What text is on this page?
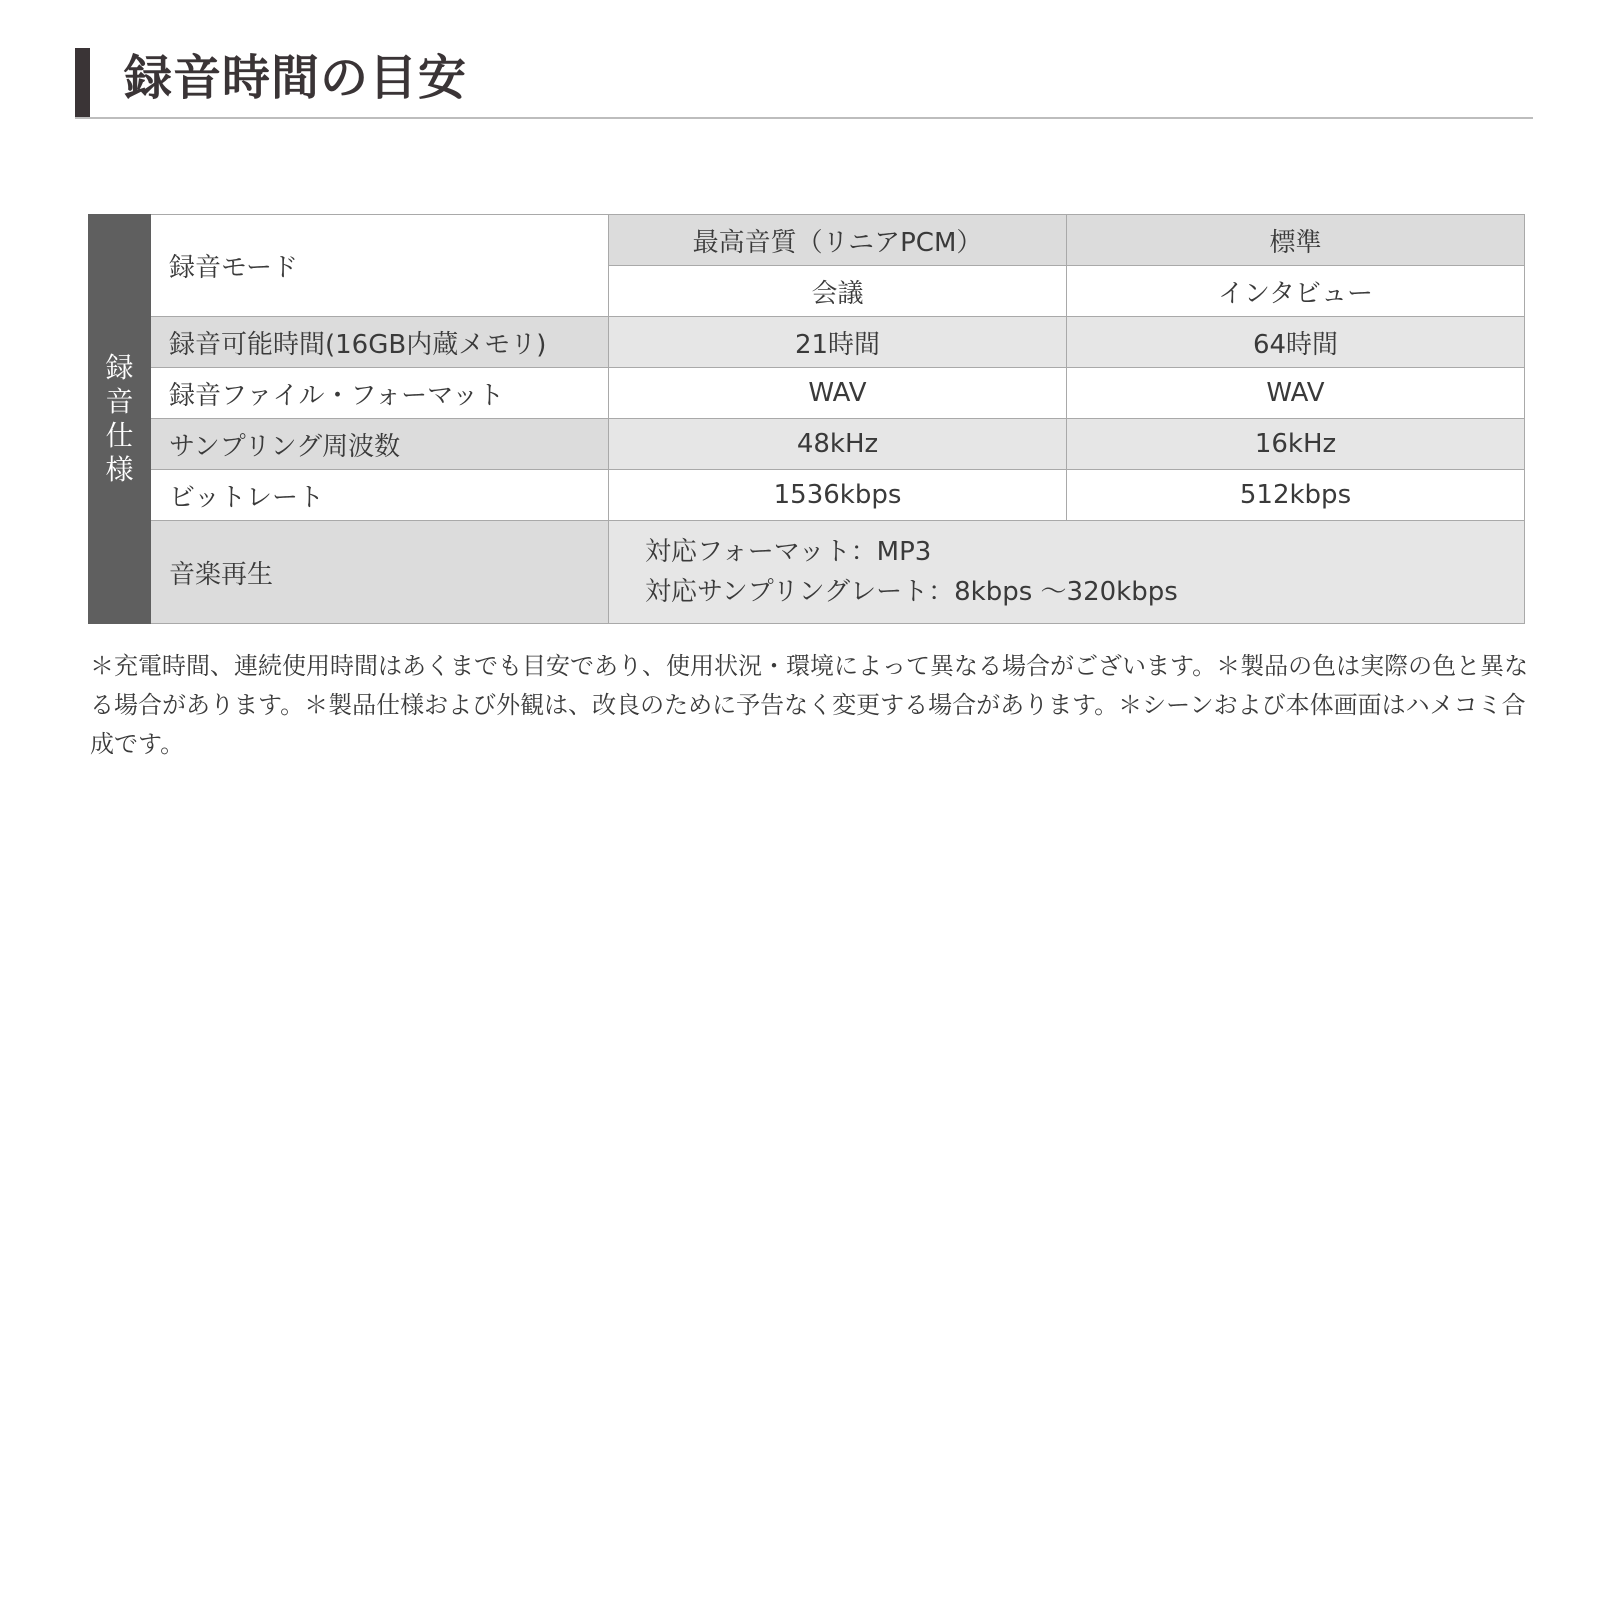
録音時間の目安
録音仕様	録音モード	最高音質（リニアPCM）	標準
		会議	インタビュー
	録音可能時間(16GB内蔵メモリ)	21時間	64時間
	録音ファイル・フォーマット	WAV	WAV
	サンプリング周波数	48kHz	16kHz
	ビットレート	1536kbps	512kbps
	音楽再生	対応フォーマット：MP3
対応サンプリングレート：8kbps 〜320kbps	
＊充電時間、連続使用時間はあくまでも目安であり、使用状況・環境によって異なる場合がございます。＊製品の色は実際の色と異なる場合があります。＊製品仕様および外観は、改良のために予告なく変更する場合があります。＊シーンおよび本体画面はハメコミ合成です。
